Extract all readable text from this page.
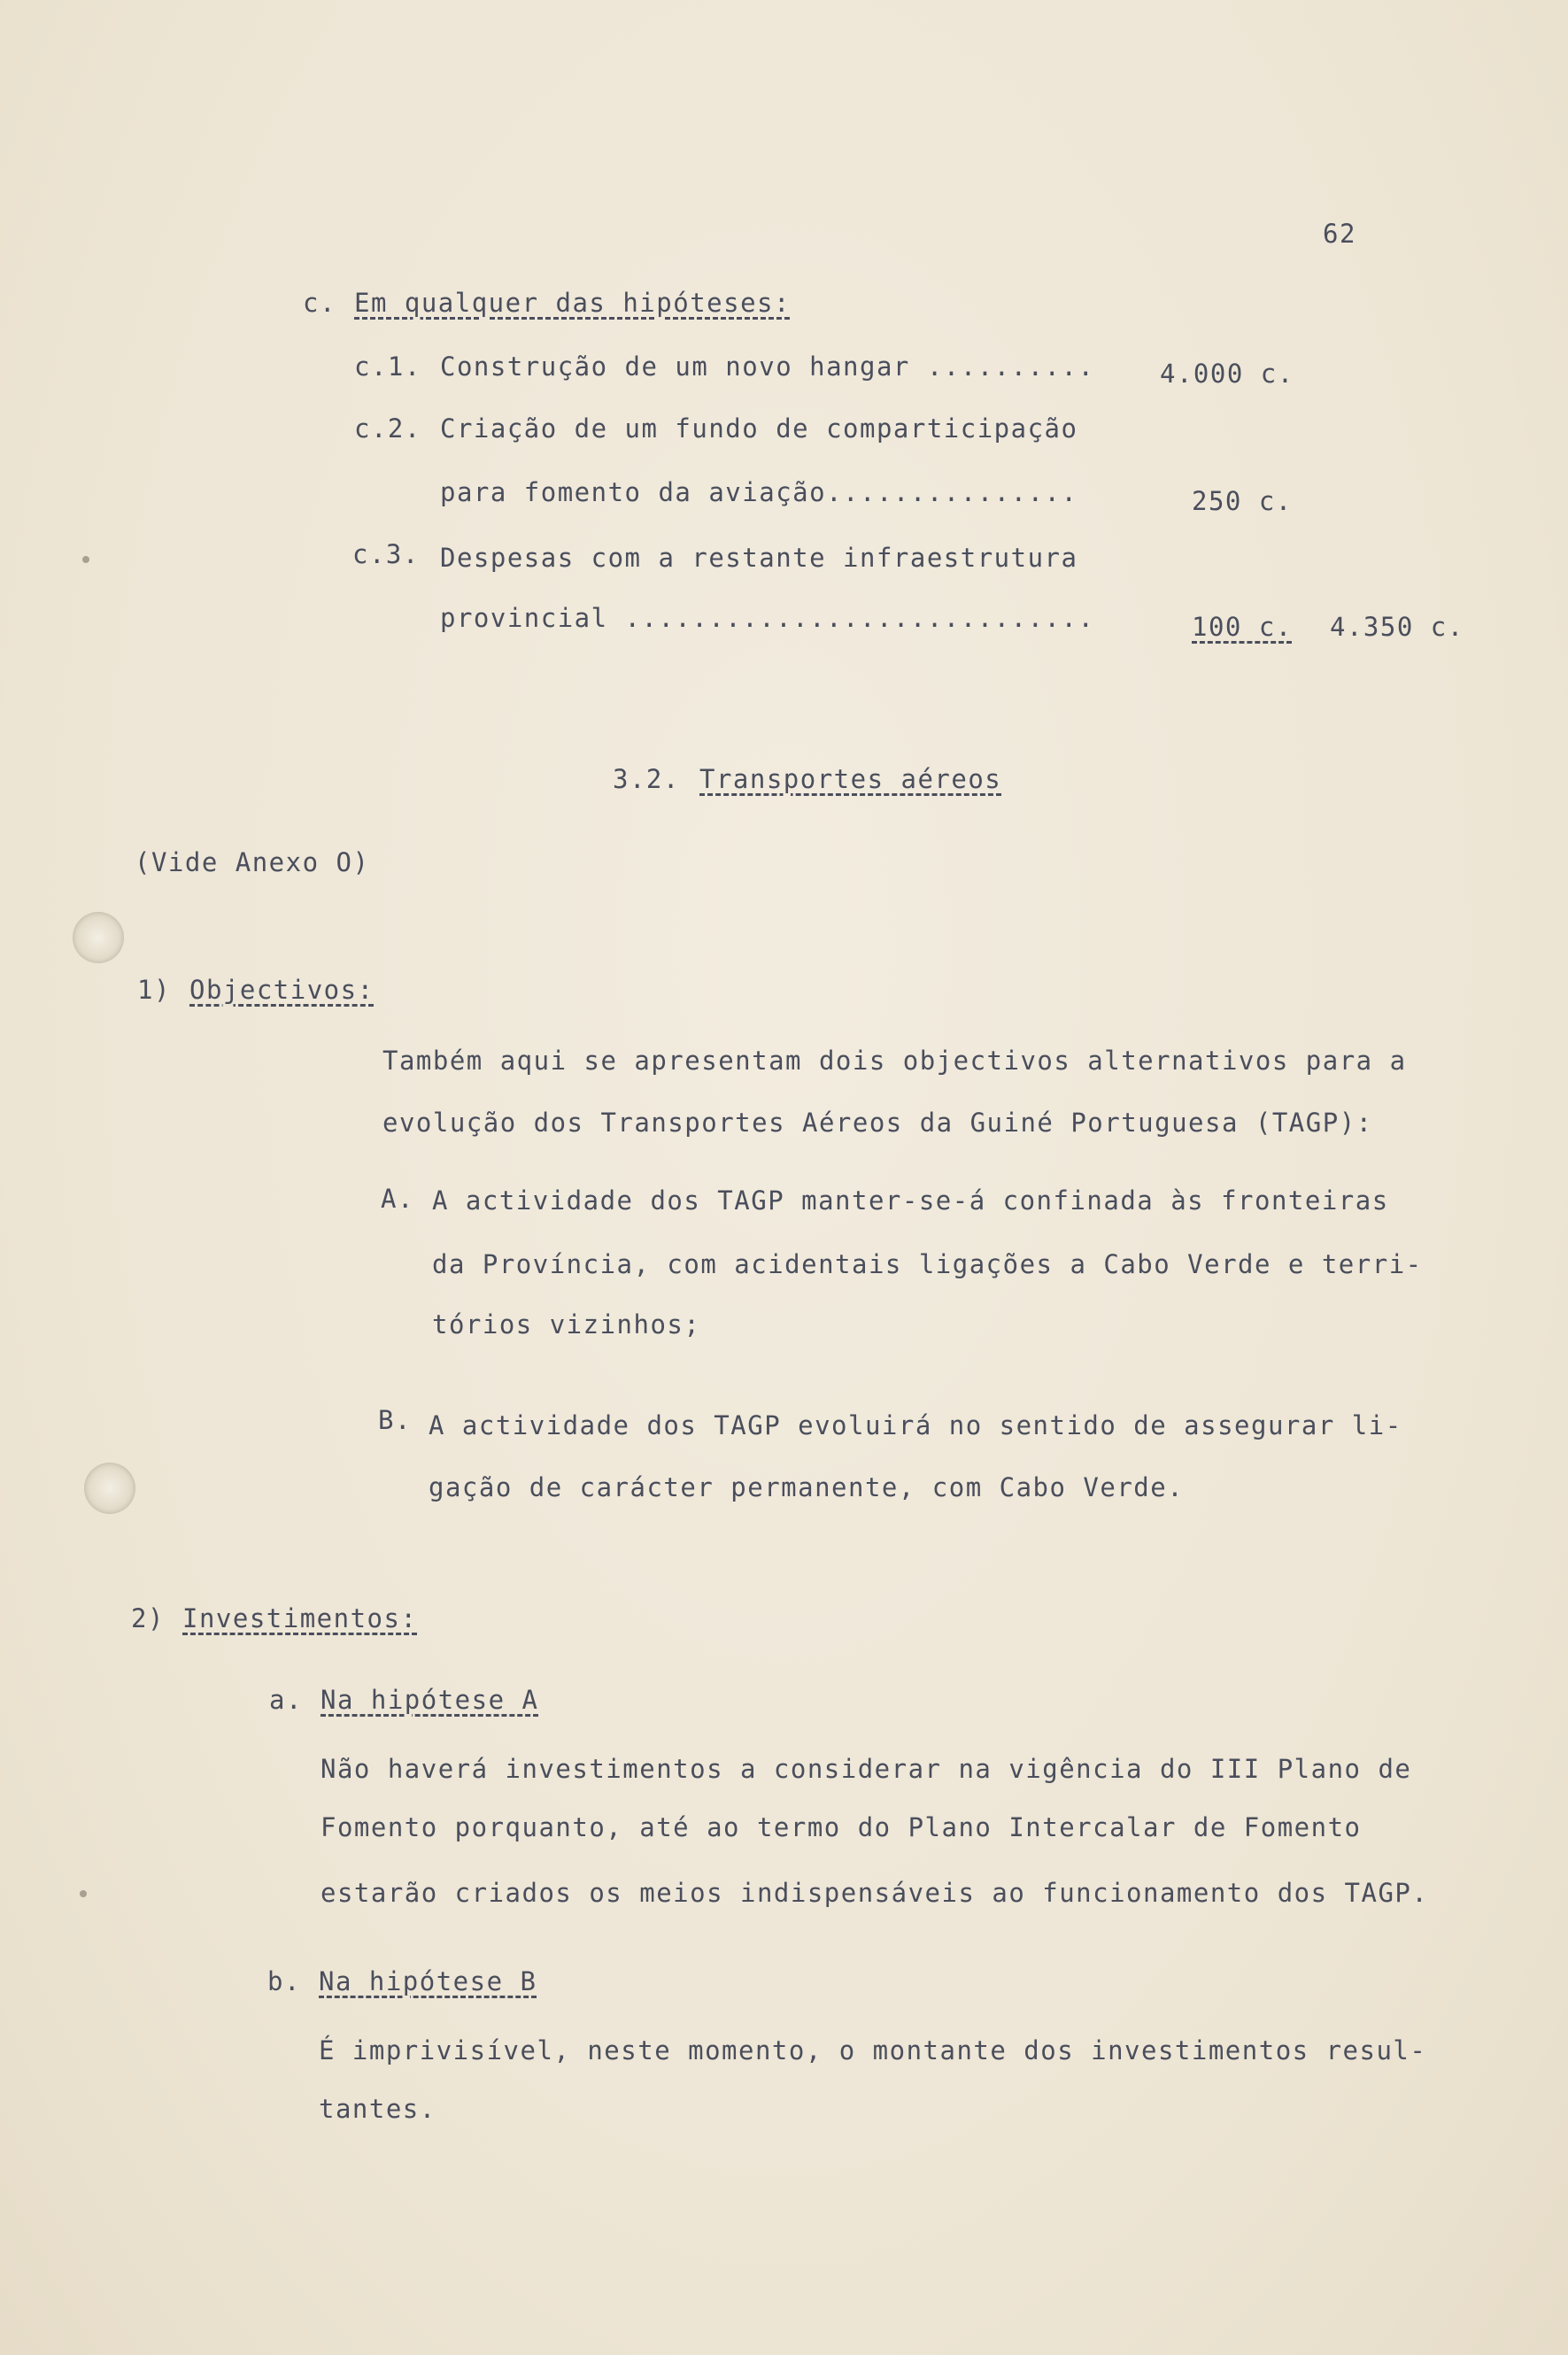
62
c. Em qualquer das hipóteses:
c.1. Construção de um novo hangar ..........	4.000 c.
c.2. Criação de um fundo de comparticipação
para fomento da aviação...............	250 c.
c.3. Despesas com a restante infraestrutura
provincial ............................	100 c. 4.350 c.
3.2. Transportes aéreos
(Vide Anexo O)
1) Objectivos:
Também aqui se apresentam dois objectivos alternativos para a
evolução dos Transportes Aéreos da Guiné Portuguesa (TAGP):
A. A actividade dos TAGP manter-se-á confinada às fronteiras
da Província, com acidentais ligações a Cabo Verde e terri-
tórios vizinhos;
B. A actividade dos TAGP evoluirá no sentido de assegurar li-
gação de carácter permanente, com Cabo Verde.
2) Investimentos:
a. Na hipótese A
Não haverá investimentos a considerar na vigência do III Plano de
Fomento porquanto, até ao termo do Plano Intercalar de Fomento
estarão criados os meios indispensáveis ao funcionamento dos TAGP.
b. Na hipótese B
É imprivisível, neste momento, o montante dos investimentos resul-
tantes.
